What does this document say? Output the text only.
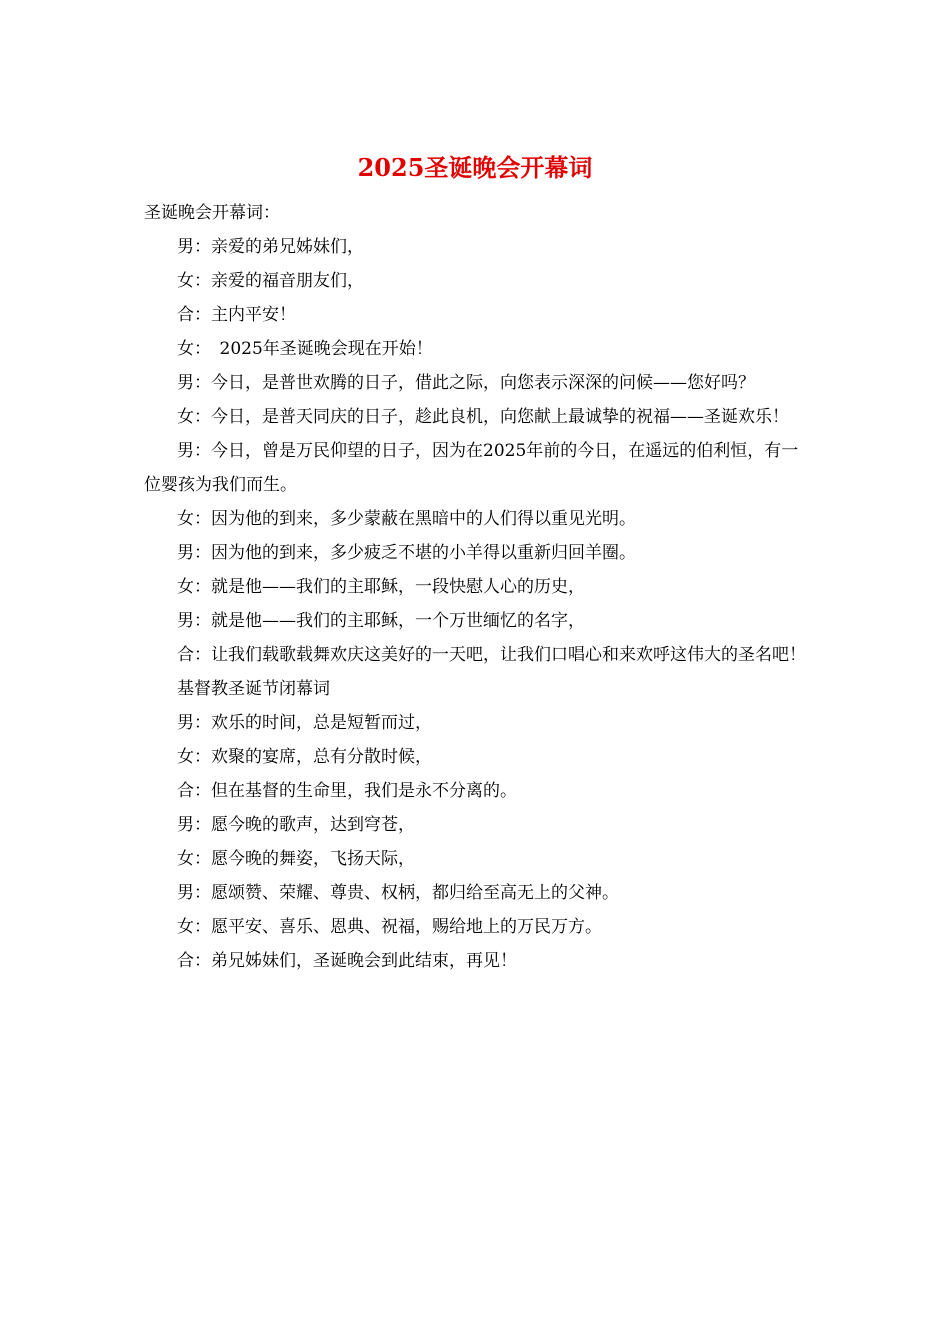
2025圣诞晚会开幕词

圣诞晚会开幕词：

男：亲爱的弟兄姊妹们，

女：亲爱的福音朋友们，

合：主内平安！

女：　2025年圣诞晚会现在开始！

男：今日，是普世欢腾的日子，借此之际，向您表示深深的问候——您好吗？

女：今日，是普天同庆的日子，趁此良机，向您献上最诚挚的祝福——圣诞欢乐！

男：今日，曾是万民仰望的日子，因为在2025年前的今日，在遥远的伯利恒，有一位婴孩为我们而生。

女：因为他的到来，多少蒙蔽在黑暗中的人们得以重见光明。

男：因为他的到来，多少疲乏不堪的小羊得以重新归回羊圈。

女：就是他——我们的主耶稣，一段快慰人心的历史，

男：就是他——我们的主耶稣，一个万世缅忆的名字，

合：让我们载歌载舞欢庆这美好的一天吧，让我们口唱心和来欢呼这伟大的圣名吧！

基督教圣诞节闭幕词

男：欢乐的时间，总是短暂而过，

女：欢聚的宴席，总有分散时候，

合：但在基督的生命里，我们是永不分离的。

男：愿今晚的歌声，达到穹苍，

女：愿今晚的舞姿，飞扬天际，

男：愿颂赞、荣耀、尊贵、权柄，都归给至高无上的父神。

女：愿平安、喜乐、恩典、祝福，赐给地上的万民万方。

合：弟兄姊妹们，圣诞晚会到此结束，再见！
